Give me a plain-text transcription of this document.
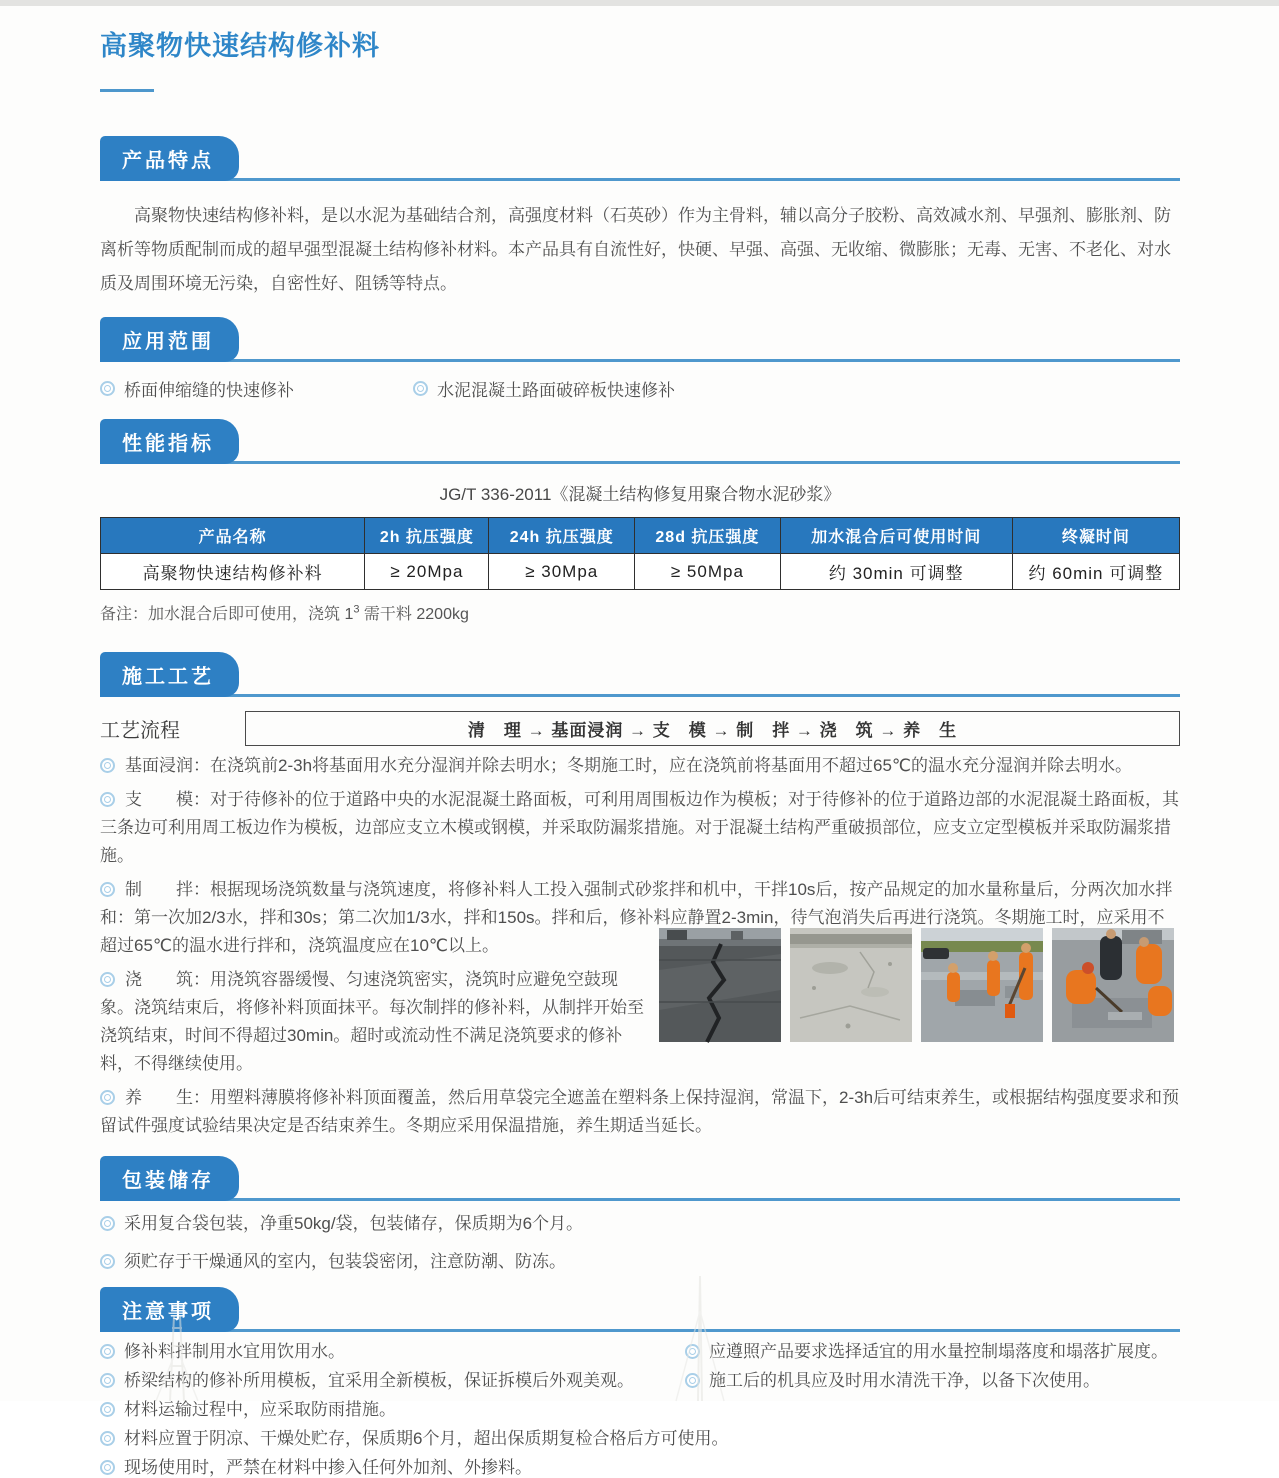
高聚物快速结构修补料
产品特点

高聚物快速结构修补料，是以水泥为基础结合剂，高强度材料（石英砂）作为主骨料，辅以高分子胶粉、高效减水剂、早强剂、膨胀剂、防离析等物质配制而成的超早强型混凝土结构修补材料。本产品具有自流性好，快硬、早强、高强、无收缩、微膨胀；无毒、无害、不老化、对水质及周围环境无污染，自密性好、阻锈等特点。

应用范围
桥面伸缩缝的快速修补	水泥混凝土路面破碎板快速修补
性能指标
JG/T 336-2011《混凝土结构修复用聚合物水泥砂浆》
产品名称	2h 抗压强度	24h 抗压强度	28d 抗压强度	加水混合后可使用时间	终凝时间
高聚物快速结构修补料	≥ 20Mpa	≥ 30Mpa	≥ 50Mpa	约 30min 可调整	约 60min 可调整
备注：加水混合后即可使用，浇筑 $1^3$ 需干料 2200kg
施工工艺
工艺流程	清　理 → 基面浸润 → 支　模 → 制　拌 → 浇　筑 → 养　生

基面浸润：在浇筑前2-3h将基面用水充分湿润并除去明水；冬期施工时，应在浇筑前将基面用不超过65℃的温水充分湿润并除去明水。

支　　模：对于待修补的位于道路中央的水泥混凝土路面板，可利用周围板边作为模板；对于待修补的位于道路边部的水泥混凝土路面板，其三条边可利用周工板边作为模板，边部应支立木模或钢模，并采取防漏浆措施。对于混凝土结构严重破损部位，应支立定型模板并采取防漏浆措施。

制　　拌：根据现场浇筑数量与浇筑速度，将修补料人工投入强制式砂浆拌和机中，干拌10s后，按产品规定的加水量称量后，分两次加水拌和：第一次加2/3水，拌和30s；第二次加1/3水，拌和150s。拌和后，修补料应静置2-3min，待气泡消失后再进行浇筑。冬期施工时，应采用不超过65℃的温水进行拌和，浇筑温度应在10℃以上。

浇　　筑：用浇筑容器缓慢、匀速浇筑密实，浇筑时应避免空鼓现象。浇筑结束后，将修补料顶面抹平。每次制拌的修补料，从制拌开始至浇筑结束，时间不得超过30min。超时或流动性不满足浇筑要求的修补料，不得继续使用。

养　　生：用塑料薄膜将修补料顶面覆盖，然后用草袋完全遮盖在塑料条上保持湿润，常温下，2-3h后可结束养生，或根据结构强度要求和预留试件强度试验结果决定是否结束养生。冬期应采用保温措施，养生期适当延长。

包装储存
采用复合袋包装，净重50kg/袋，包装储存，保质期为6个月。
须贮存于干燥通风的室内，包装袋密闭，注意防潮、防冻。
注意事项
修补料拌制用水宜用饮用水。	应遵照产品要求选择适宜的用水量控制塌落度和塌落扩展度。
桥梁结构的修补所用模板，宜采用全新模板，保证拆模后外观美观。	施工后的机具应及时用水清洗干净，以备下次使用。
材料运输过程中，应采取防雨措施。
材料应置于阴凉、干燥处贮存，保质期6个月，超出保质期复检合格后方可使用。
现场使用时，严禁在材料中掺入任何外加剂、外掺料。
